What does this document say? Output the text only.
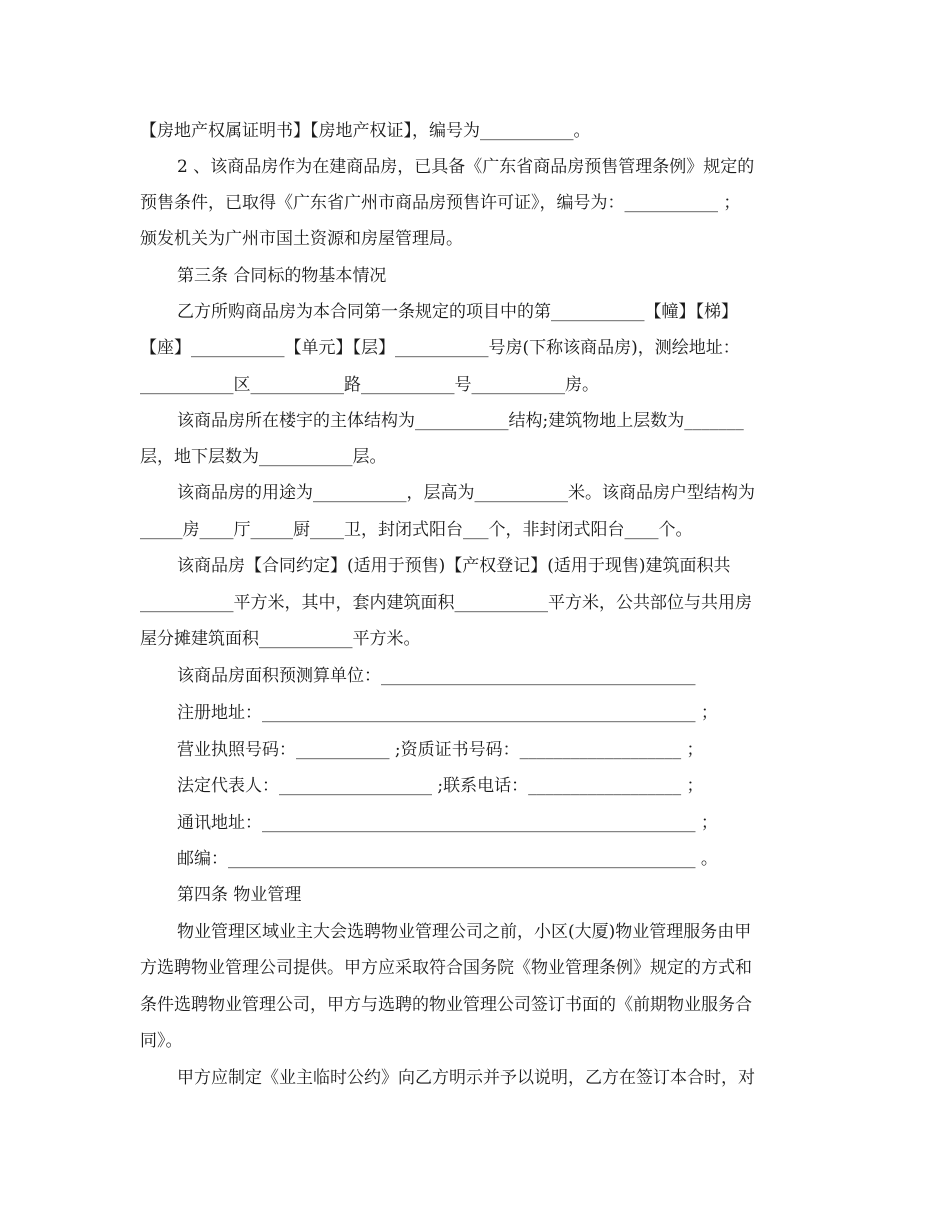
【房地产权属证明书】【房地产权证】，编号为___________。
2 、该商品房作为在建商品房，已具备《广东省商品房预售管理条例》规定的
预售条件，已取得《广东省广州市商品房预售许可证》，编号为：___________ ；
颁发机关为广州市国土资源和房屋管理局。
第三条 合同标的物基本情况
乙方所购商品房为本合同第一条规定的项目中的第___________【幢】【梯】
【座】___________【单元】【层】___________号房(下称该商品房)，测绘地址：
___________区___________路___________号___________房。
该商品房所在楼宇的主体结构为___________结构;建筑物地上层数为_______
层，地下层数为___________层。
该商品房的用途为___________，层高为___________米。该商品房户型结构为
_____房____厅_____厨____卫，封闭式阳台___个，非封闭式阳台____个。
该商品房【合同约定】(适用于预售)【产权登记】(适用于现售)建筑面积共
___________平方米，其中，套内建筑面积___________平方米，公共部位与共用房
屋分摊建筑面积___________平方米。
该商品房面积预测算单位：_____________________________________
注册地址：___________________________________________________ ；
营业执照号码：___________ ;资质证书号码：___________________ ；
法定代表人：__________________ ;联系电话：__________________ ；
通讯地址：___________________________________________________ ；
邮编：_______________________________________________________ 。
第四条 物业管理
物业管理区域业主大会选聘物业管理公司之前，小区(大厦)物业管理服务由甲
方选聘物业管理公司提供。甲方应采取符合国务院《物业管理条例》规定的方式和
条件选聘物业管理公司，甲方与选聘的物业管理公司签订书面的《前期物业服务合
同》。
甲方应制定《业主临时公约》向乙方明示并予以说明，乙方在签订本合时，对
